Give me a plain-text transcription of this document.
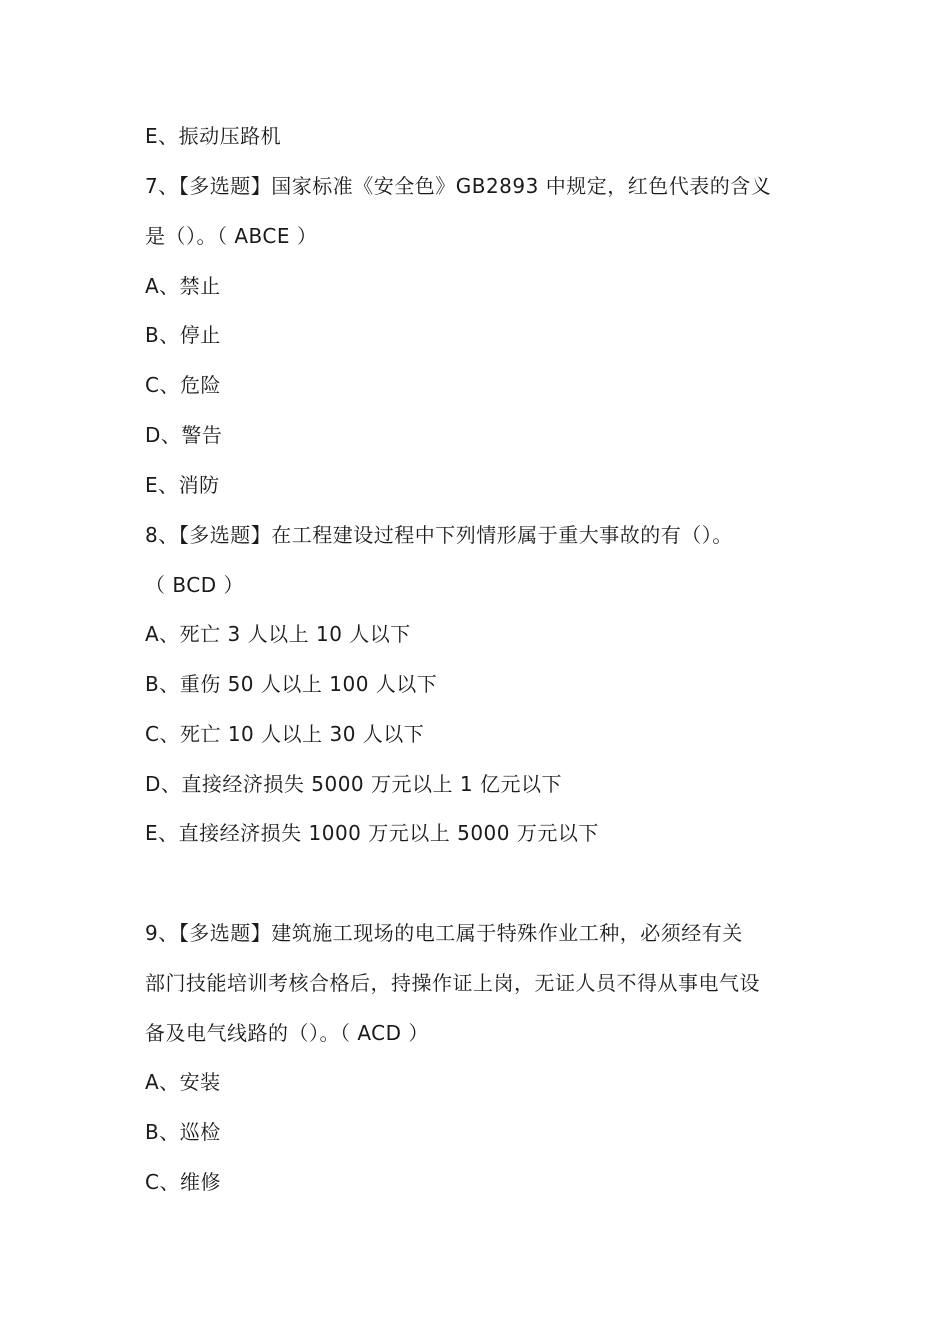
E、振动压路机
7、【多选题】国家标准《安全色》GB2893 中规定，红色代表的含义
是（）。（ ABCE ）
A、禁止
B、停止
C、危险
D、警告
E、消防
8、【多选题】在工程建设过程中下列情形属于重大事故的有（）。
（ BCD ）
A、死亡 3 人以上 10 人以下
B、重伤 50 人以上 100 人以下
C、死亡 10 人以上 30 人以下
D、直接经济损失 5000 万元以上 1 亿元以下
E、直接经济损失 1000 万元以上 5000 万元以下
9、【多选题】建筑施工现场的电工属于特殊作业工种，必须经有关
部门技能培训考核合格后，持操作证上岗，无证人员不得从事电气设
备及电气线路的（）。（ ACD ）
A、安装
B、巡检
C、维修
